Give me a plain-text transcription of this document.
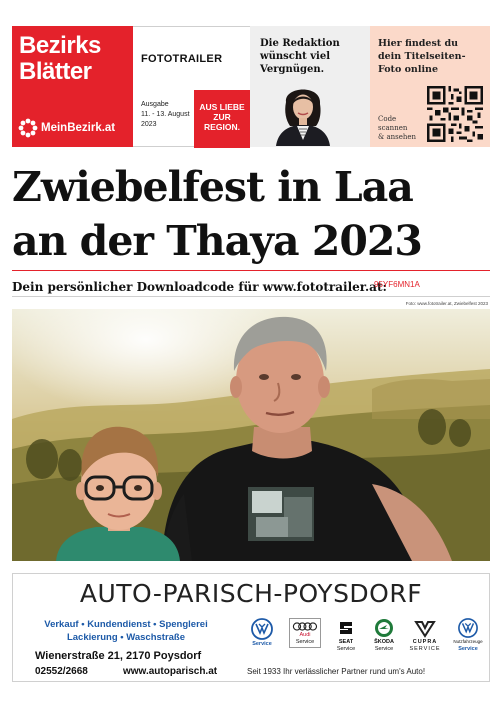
Bezirks
Blätter
MeinBezirk.at
FOTOTRAILER
Ausgabe
11. - 13. August
2023
AUS LIEBE
ZUR
REGION.
Die Redaktion
wünscht viel
Vergnügen.
Hier findest du
dein Titelseiten-
Foto online
Code
scannen
& ansehen
Zwiebelfest in Laa
an der Thaya 2023
Dein persönlicher Downloadcode für www.fototrailer.at:
95YF6MN1A
Foto: www.fototrailer.at, Zwiebelfest 2023
AUTO-PARISCH-POYSDORF
Verkauf • Kundendienst • Spenglerei
Lackierung • Waschstraße
Wienerstraße 21, 2170 Poysdorf
02552/2668	www.autoparisch.at
Service
Audi
Service	SEAT
Service
ŠKODA
Service
CUPRA
SERVICE
Nutzfahrzeuge
Service
Seit 1933 Ihr verlässlicher Partner rund um's Auto!
